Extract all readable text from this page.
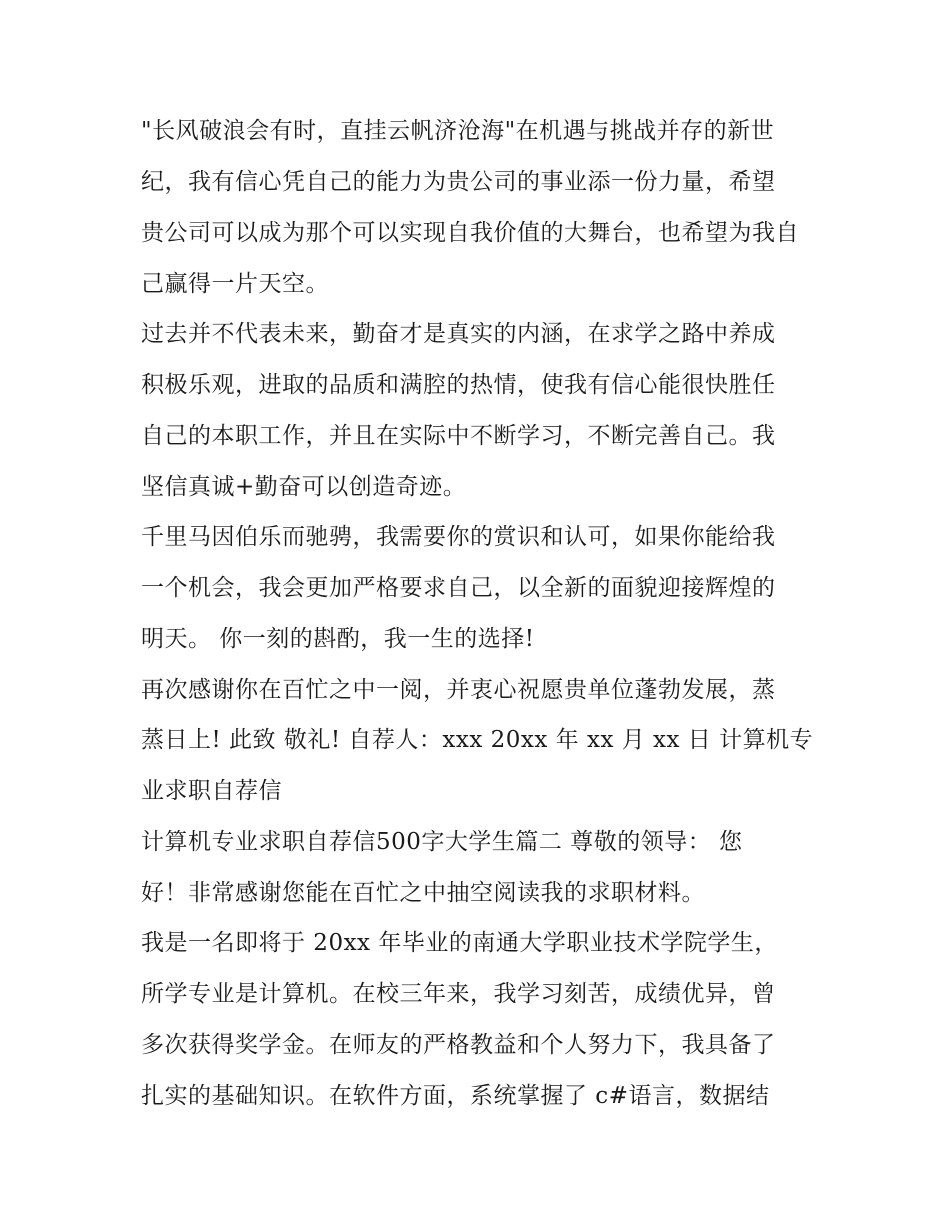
"长风破浪会有时，直挂云帆济沧海"在机遇与挑战并存的新世
纪，我有信心凭自己的能力为贵公司的事业添一份力量，希望
贵公司可以成为那个可以实现自我价值的大舞台，也希望为我自
己赢得一片天空。
过去并不代表未来，勤奋才是真实的内涵，在求学之路中养成
积极乐观，进取的品质和满腔的热情，使我有信心能很快胜任
自己的本职工作，并且在实际中不断学习，不断完善自己。我
坚信真诚+勤奋可以创造奇迹。
千里马因伯乐而驰骋，我需要你的赏识和认可，如果你能给我
一个机会，我会更加严格要求自己，以全新的面貌迎接辉煌的
明天。 你一刻的斟酌，我一生的选择!
再次感谢你在百忙之中一阅，并衷心祝愿贵单位蓬勃发展，蒸
蒸日上! 此致 敬礼! 自荐人：xxx 20xx 年 xx 月 xx 日 计算机专
业求职自荐信
计算机专业求职自荐信500字大学生篇二 尊敬的领导： 您
好！非常感谢您能在百忙之中抽空阅读我的求职材料。
我是一名即将于 20xx 年毕业的南通大学职业技术学院学生，
所学专业是计算机。在校三年来，我学习刻苦，成绩优异，曾
多次获得奖学金。在师友的严格教益和个人努力下，我具备了
扎实的基础知识。在软件方面，系统掌握了 c#语言，数据结
